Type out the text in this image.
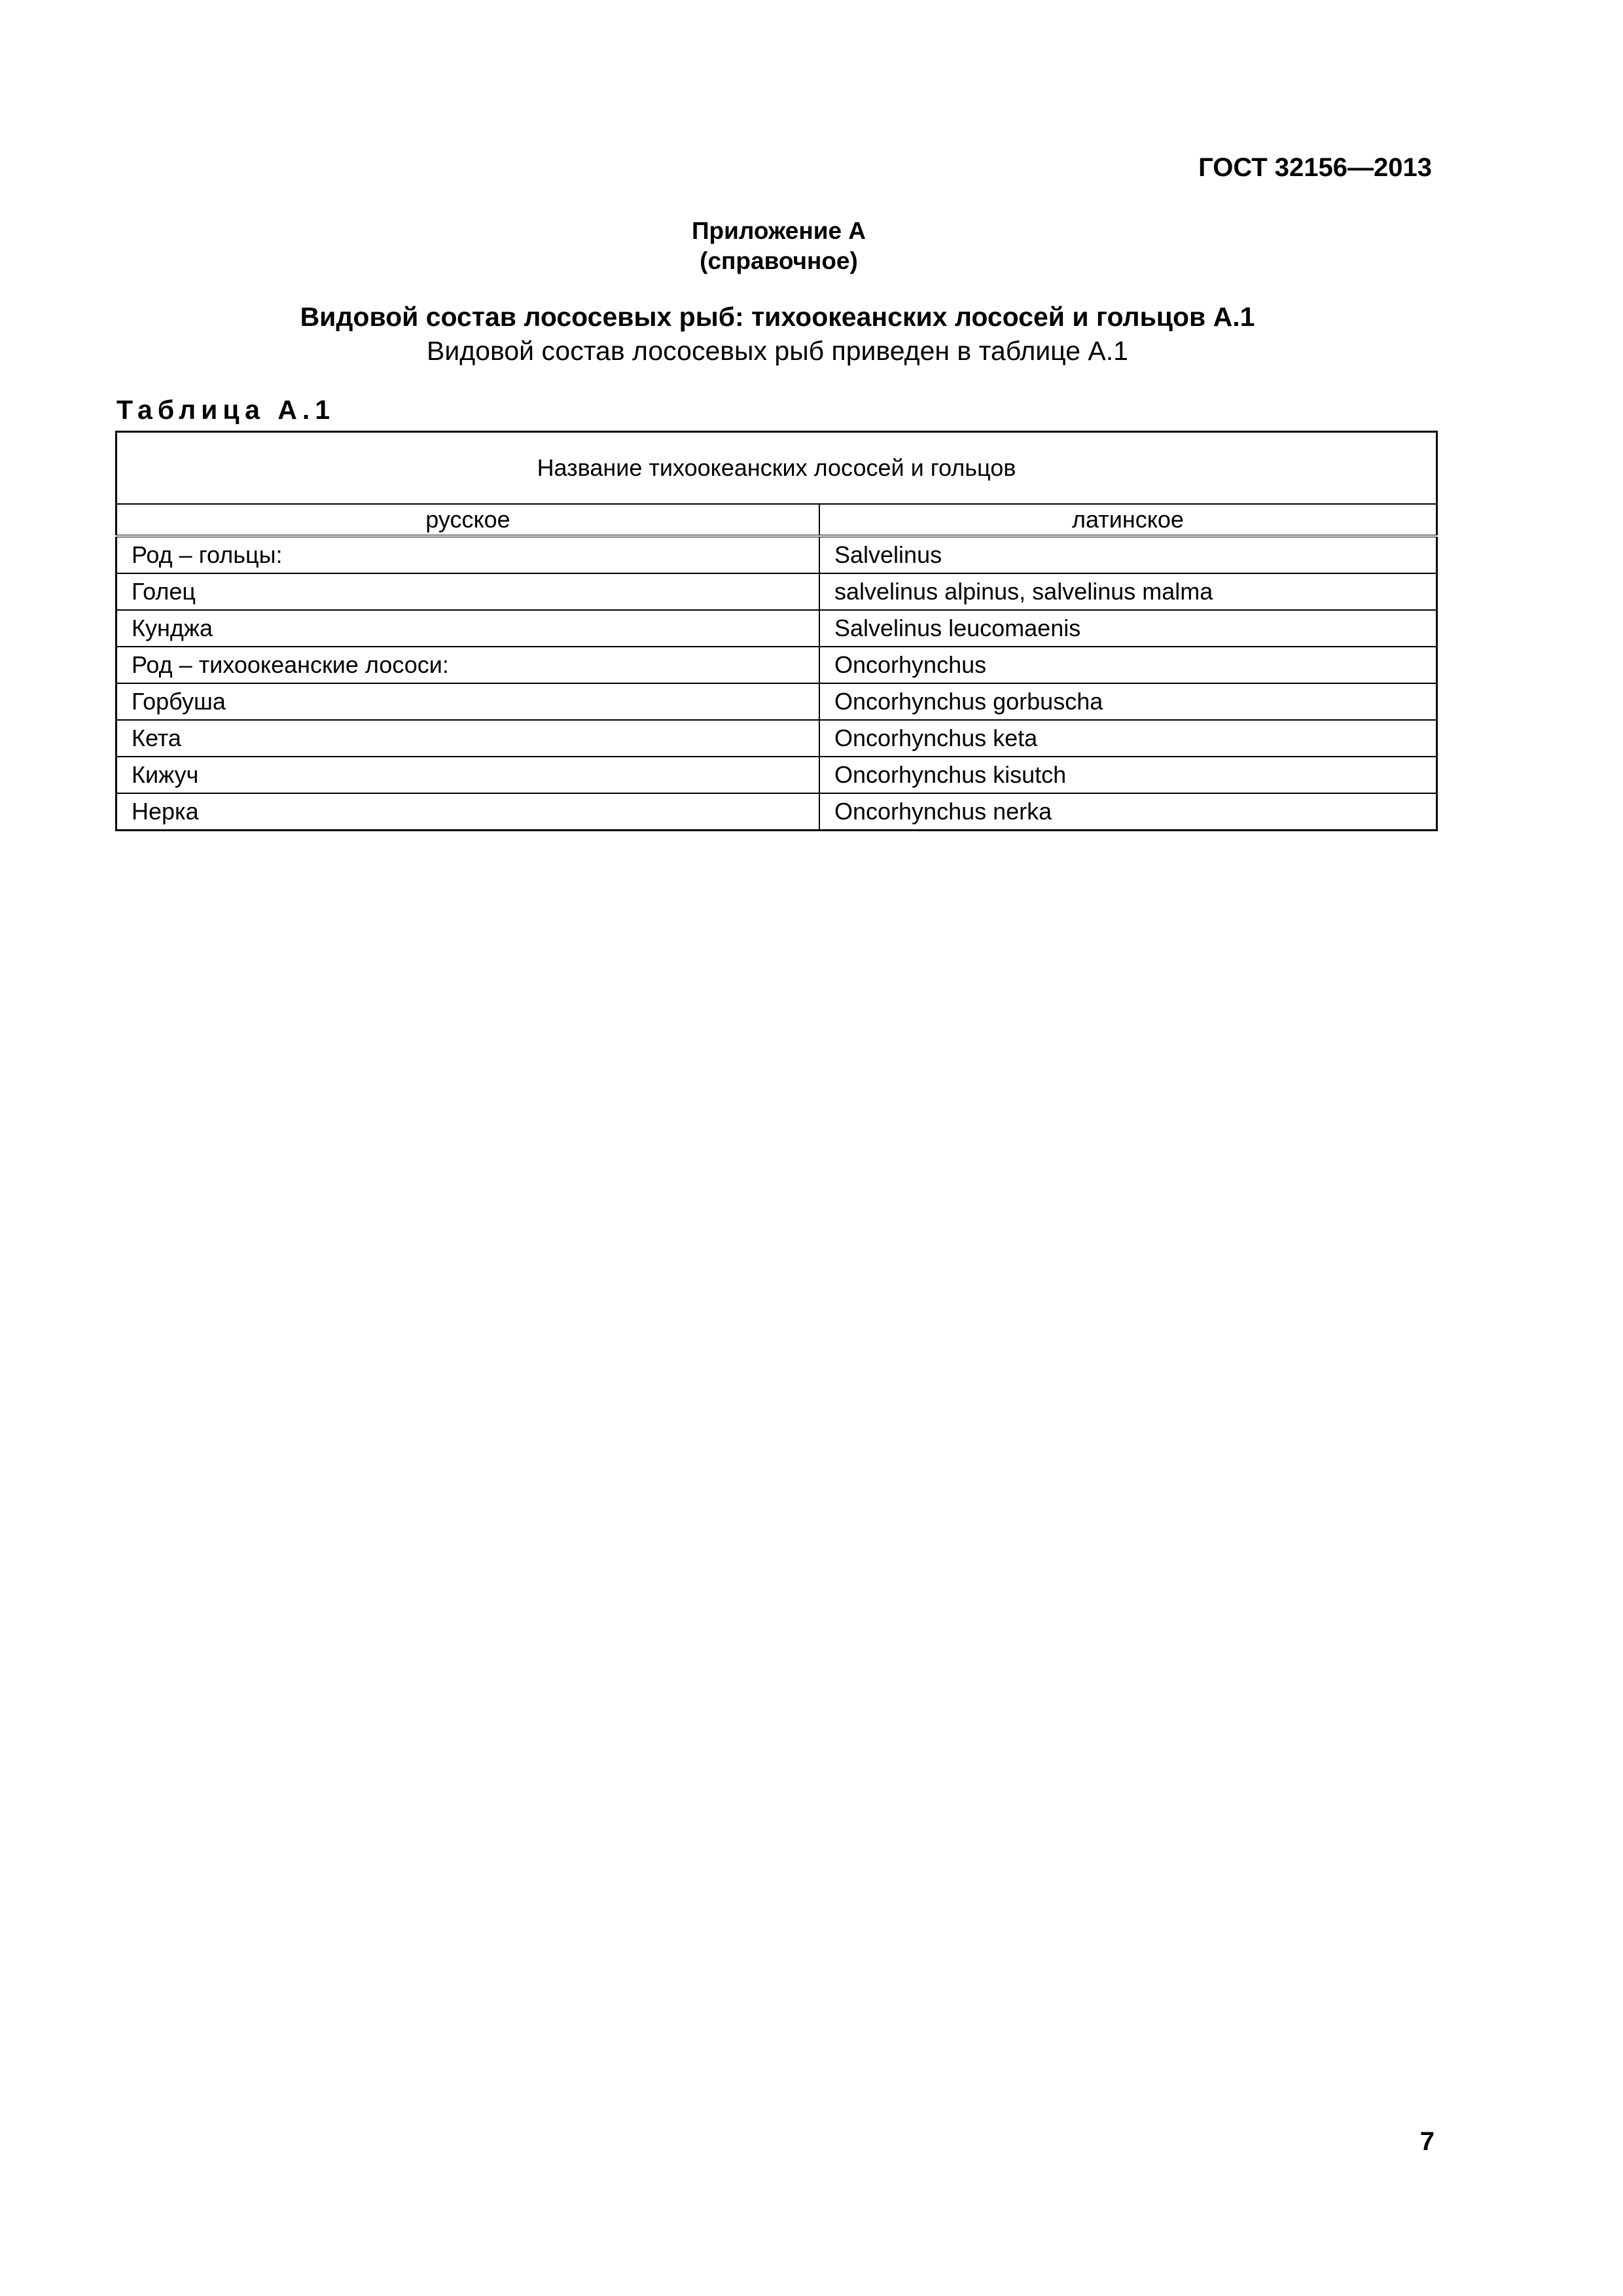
ГОСТ 32156—2013
Приложение А
(справочное)
Видовой состав лососевых рыб: тихоокеанских лососей и гольцов А.1
Видовой состав лососевых рыб приведен в таблице А.1
Таблица А.1
Название тихоокеанских лососей и гольцов	
русское	латинское
Род – гольцы:	Salvelinus
Голец	salvelinus alpinus, salvelinus malma
Кунджа	Salvelinus leucomaenis
Род – тихоокеанские лососи:	Oncorhynchus
Горбуша	Oncorhynchus gorbuscha
Кета	Oncorhynchus keta
Кижуч	Oncorhynchus kisutch
Нерка	Oncorhynchus nerka
7
